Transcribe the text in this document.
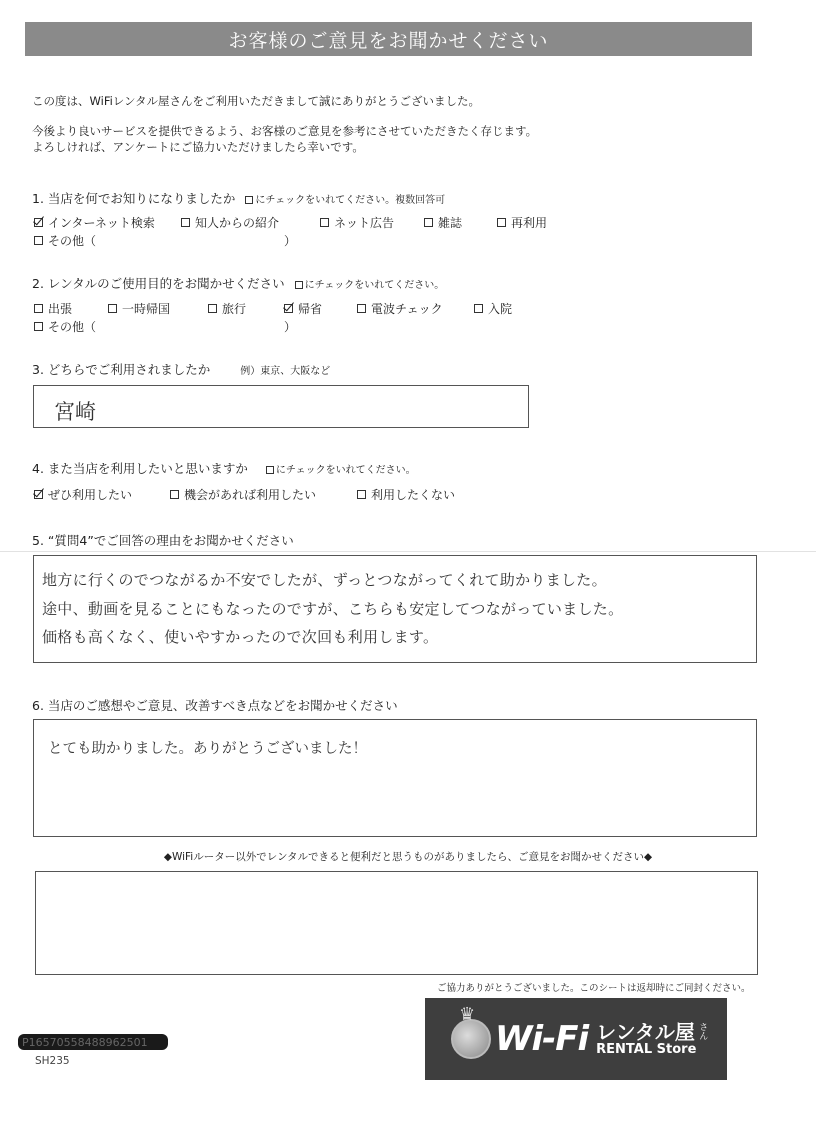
お客様のご意見をお聞かせください
この度は、WiFiレンタル屋さんをご利用いただきまして誠にありがとうございました。
今後より良いサービスを提供できるよう、お客様のご意見を参考にさせていただきたく存じます。
よろしければ、アンケートにご協力いただけましたら幸いです。
1. 当店を何でお知りになりましたか	にチェックをいれてください。複数回答可
インターネット検索	知人からの紹介	ネット広告	雑誌	再利用
その他（	）
2. レンタルのご使用目的をお聞かせください	にチェックをいれてください。
出張	一時帰国	旅行	帰省	電波チェック	入院
その他（	）
3. どちらでご利用されましたか	例）東京、大阪など
宮崎
4. また当店を利用したいと思いますか	にチェックをいれてください。
ぜひ利用したい	機会があれば利用したい	利用したくない
5. “質問4”でご回答の理由をお聞かせください
地方に行くのでつながるか不安でしたが、ずっとつながってくれて助かりました。
途中、動画を見ることにもなったのですが、こちらも安定してつながっていました。
価格も高くなく、使いやすかったので次回も利用します。
6. 当店のご感想やご意見、改善すべき点などをお聞かせください
とても助かりました。ありがとうございました！
◆WiFiルーター以外でレンタルできると便利だと思うものがありましたら、ご意見をお聞かせください◆
ご協力ありがとうございました。このシートは返却時にご同封ください。
P16570558488962501
SH235
♛
Wi-Fi レンタル屋 さん
RENTAL Store
